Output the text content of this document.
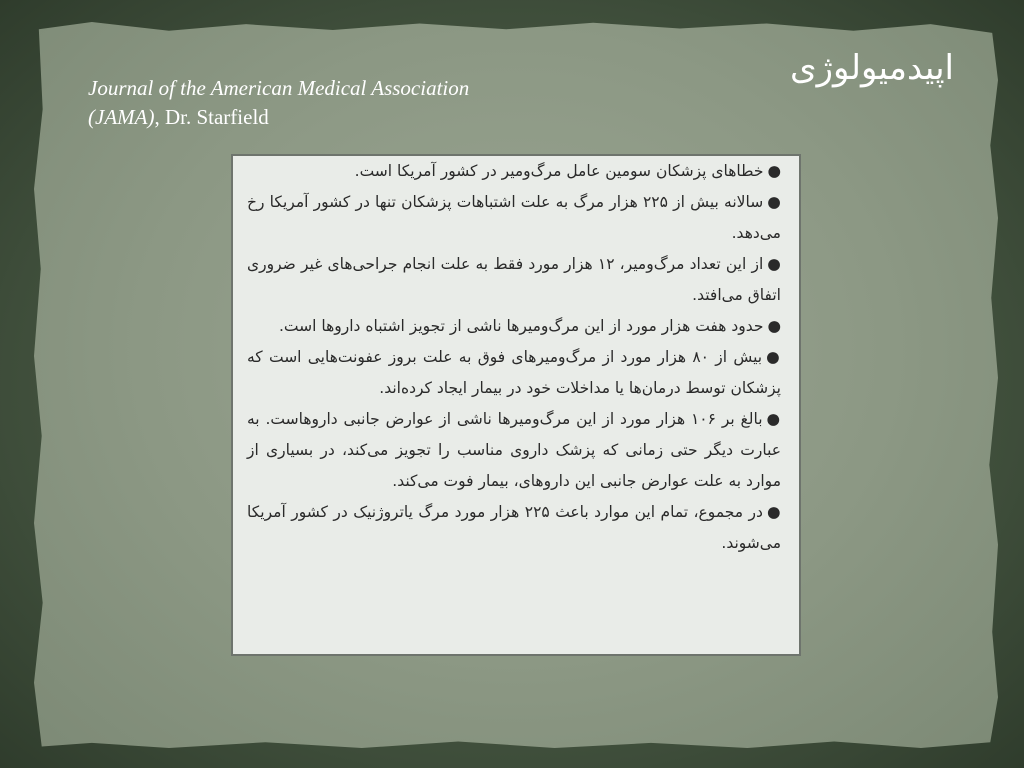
اپیدمیولوژی
Journal of the American Medical Association
(JAMA), Dr. Starfield

●خطاهای پزشکان سومین عامل مرگ‌ومیر در کشور آمریکا است.

●سالانه بیش از ۲۲۵ هزار مرگ به علت اشتباهات پزشکان تنها در کشور آمریکا رخ می‌دهد.

●از این تعداد مرگ‌ومیر، ۱۲ هزار مورد فقط به علت انجام جراحی‌های غیر ضروری اتفاق می‌افتد.

●حدود هفت هزار مورد از این مرگ‌ومیرها ناشی از تجویز اشتباه داروها است.

●بیش از ۸۰ هزار مورد از مرگ‌ومیرهای فوق به علت بروز عفونت‌هایی است که پزشکان توسط درمان‌ها یا مداخلات خود در بیمار ایجاد کرده‌اند.

●بالغ بر ۱۰۶ هزار مورد از این مرگ‌ومیرها ناشی از عوارض جانبی داروهاست. به عبارت دیگر حتی زمانی که پزشک داروی مناسب را تجویز می‌کند، در بسیاری از موارد به علت عوارض جانبی این داروهای، بیمار فوت می‌کند.

●در مجموع، تمام این موارد باعث ۲۲۵ هزار مورد مرگ یاتروژنیک در کشور آمریکا می‌شوند.
